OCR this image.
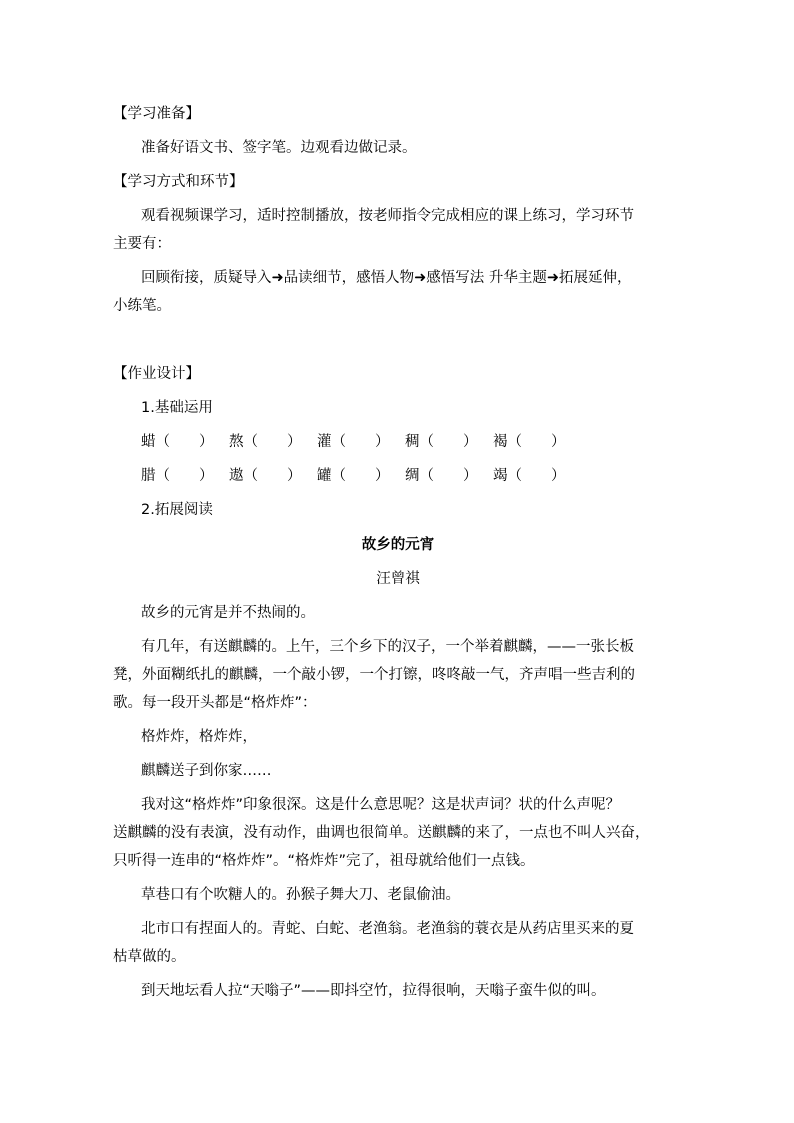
【学习准备】
准备好语文书、签字笔。边观看边做记录。
【学习方式和环节】
观看视频课学习，适时控制播放，按老师指令完成相应的课上练习，学习环节
主要有：
回顾衔接，质疑导入➜品读细节，感悟人物➜感悟写法 升华主题➜拓展延伸，
小练笔。
【作业设计】
1.基础运用
蜡（　　） 熬（　　） 灌（　　） 稠（　　） 褐（　　）
腊（　　） 遨（　　） 罐（　　） 绸（　　） 竭（　　）
2.拓展阅读
故乡的元宵
汪曾祺
故乡的元宵是并不热闹的。
有几年，有送麒麟的。上午，三个乡下的汉子，一个举着麒麟，——一张长板
凳，外面糊纸扎的麒麟，一个敲小锣，一个打镲，咚咚敲一气，齐声唱一些吉利的
歌。每一段开头都是“格炸炸”：
格炸炸，格炸炸，
麒麟送子到你家……
我对这“格炸炸”印象很深。这是什么意思呢？这是状声词？状的什么声呢？
送麒麟的没有表演，没有动作，曲调也很简单。送麒麟的来了，一点也不叫人兴奋，
只听得一连串的“格炸炸”。“格炸炸”完了，祖母就给他们一点钱。
草巷口有个吹糖人的。孙猴子舞大刀、老鼠偷油。
北市口有捏面人的。青蛇、白蛇、老渔翁。老渔翁的蓑衣是从药店里买来的夏
枯草做的。
到天地坛看人拉“天嗡子”——即抖空竹，拉得很响，天嗡子蛮牛似的叫。
